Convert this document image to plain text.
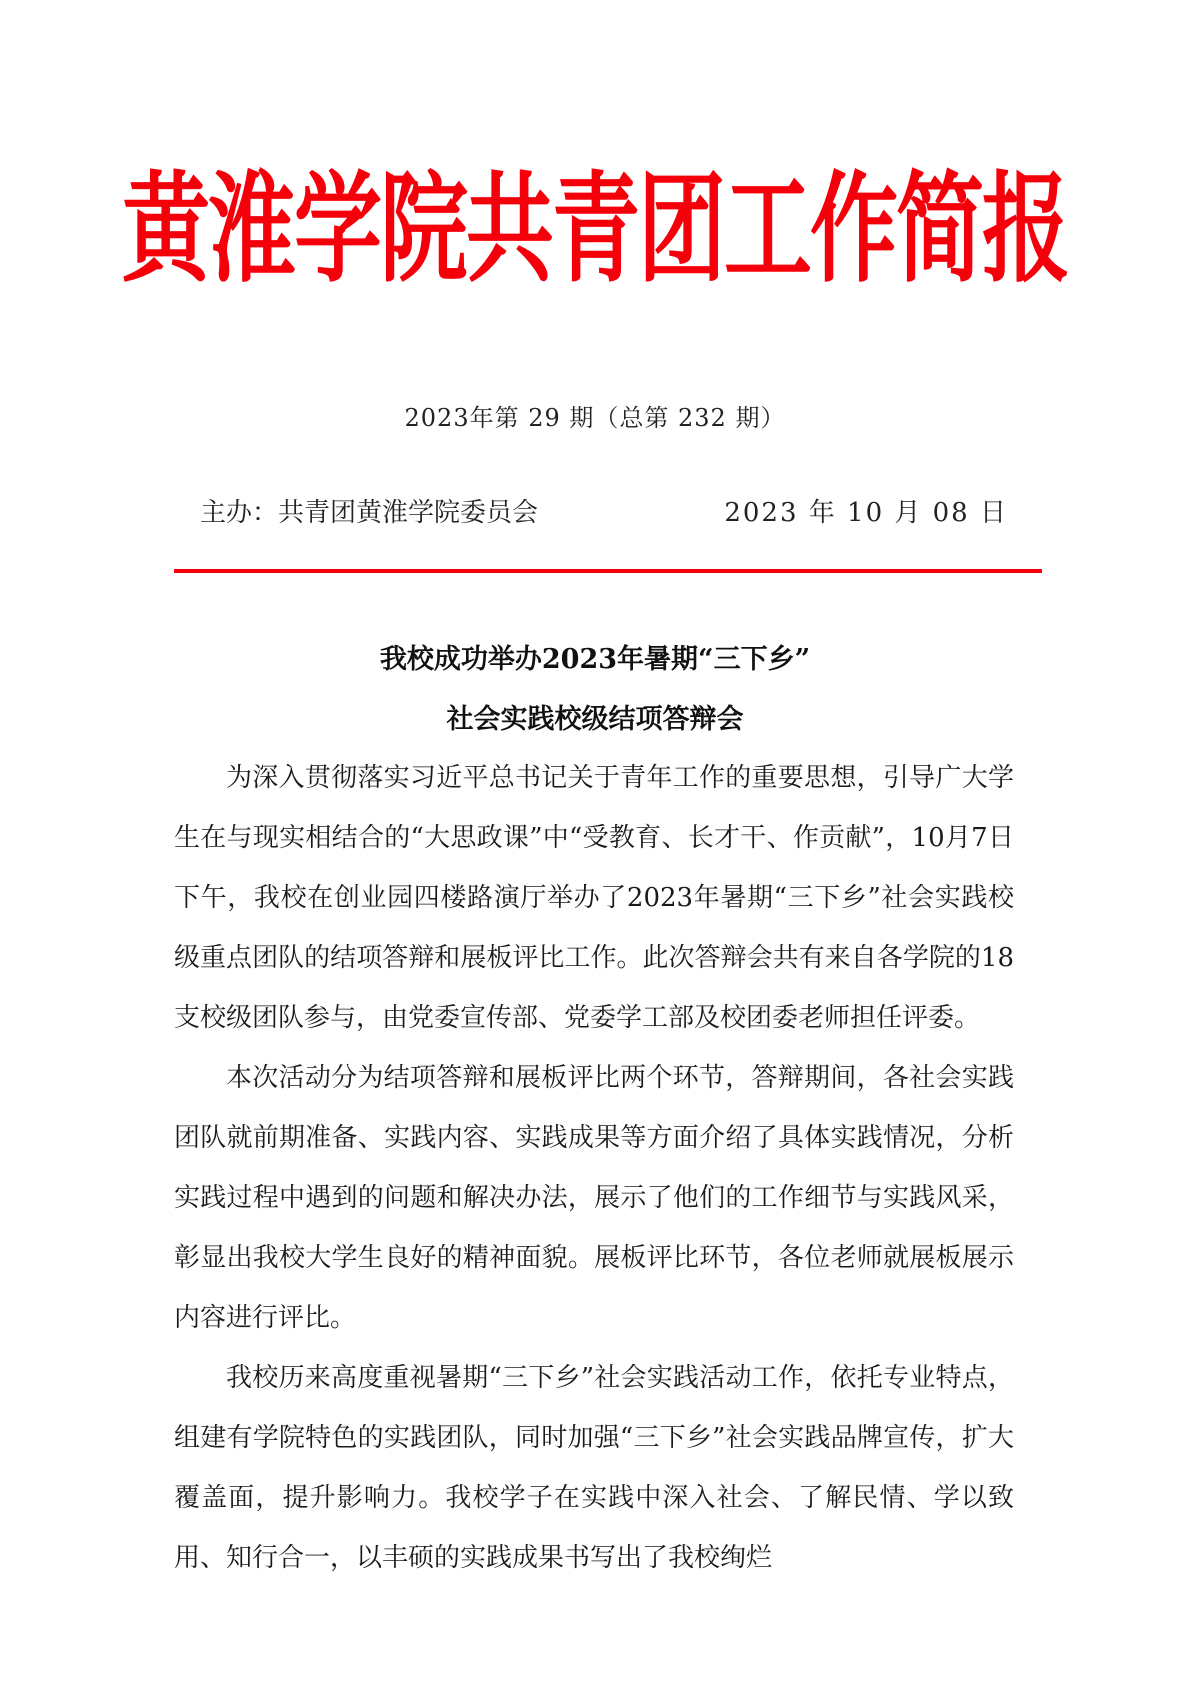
黄淮学院共青团工作简报
2023年第 29 期（总第 232 期）
主办：共青团黄淮学院委员会	2023 年 10 月 08 日
我校成功举办2023年暑期“三下乡”
社会实践校级结项答辩会

为深入贯彻落实习近平总书记关于青年工作的重要思想，引导广大学生在与现实相结合的“大思政课”中“受教育、长才干、作贡献”，10月7日下午，我校在创业园四楼路演厅举办了2023年暑期“三下乡”社会实践校级重点团队的结项答辩和展板评比工作。此次答辩会共有来自各学院的18支校级团队参与，由党委宣传部、党委学工部及校团委老师担任评委。

本次活动分为结项答辩和展板评比两个环节，答辩期间，各社会实践团队就前期准备、实践内容、实践成果等方面介绍了具体实践情况，分析实践过程中遇到的问题和解决办法，展示了他们的工作细节与实践风采，彰显出我校大学生良好的精神面貌。展板评比环节，各位老师就展板展示内容进行评比。

我校历来高度重视暑期“三下乡”社会实践活动工作，依托专业特点，组建有学院特色的实践团队，同时加强“三下乡”社会实践品牌宣传，扩大覆盖面，提升影响力。我校学子在实践中深入社会、了解民情、学以致用、知行合一，以丰硕的实践成果书写出了我校绚烂
